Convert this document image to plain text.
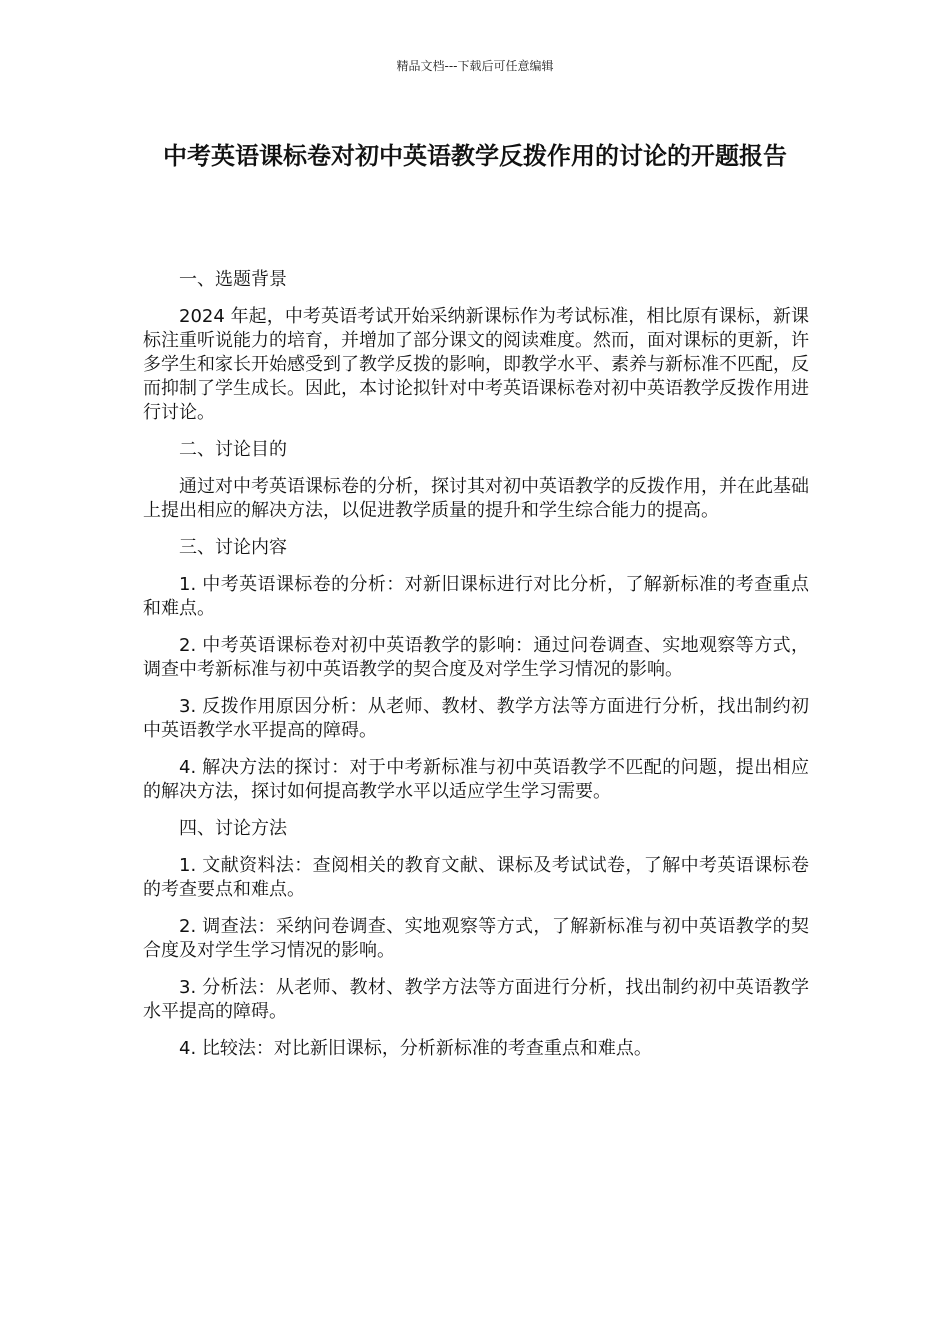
精品文档---下载后可任意编辑
中考英语课标卷对初中英语教学反拨作用的讨论的开题报告

一、选题背景

2024 年起，中考英语考试开始采纳新课标作为考试标准，相比原有课标，新课标注重听说能力的培育，并增加了部分课文的阅读难度。然而，面对课标的更新，许多学生和家长开始感受到了教学反拨的影响，即教学水平、素养与新标准不匹配，反而抑制了学生成长。因此，本讨论拟针对中考英语课标卷对初中英语教学反拨作用进行讨论。

二、讨论目的

通过对中考英语课标卷的分析，探讨其对初中英语教学的反拨作用，并在此基础上提出相应的解决方法，以促进教学质量的提升和学生综合能力的提高。

三、讨论内容

1. 中考英语课标卷的分析：对新旧课标进行对比分析，了解新标准的考查重点和难点。

2. 中考英语课标卷对初中英语教学的影响：通过问卷调查、实地观察等方式，调查中考新标准与初中英语教学的契合度及对学生学习情况的影响。

3. 反拨作用原因分析：从老师、教材、教学方法等方面进行分析，找出制约初中英语教学水平提高的障碍。

4. 解决方法的探讨：对于中考新标准与初中英语教学不匹配的问题，提出相应的解决方法，探讨如何提高教学水平以适应学生学习需要。

四、讨论方法

1. 文献资料法：查阅相关的教育文献、课标及考试试卷，了解中考英语课标卷的考查要点和难点。

2. 调查法：采纳问卷调查、实地观察等方式，了解新标准与初中英语教学的契合度及对学生学习情况的影响。

3. 分析法：从老师、教材、教学方法等方面进行分析，找出制约初中英语教学水平提高的障碍。

4. 比较法：对比新旧课标，分析新标准的考查重点和难点。
